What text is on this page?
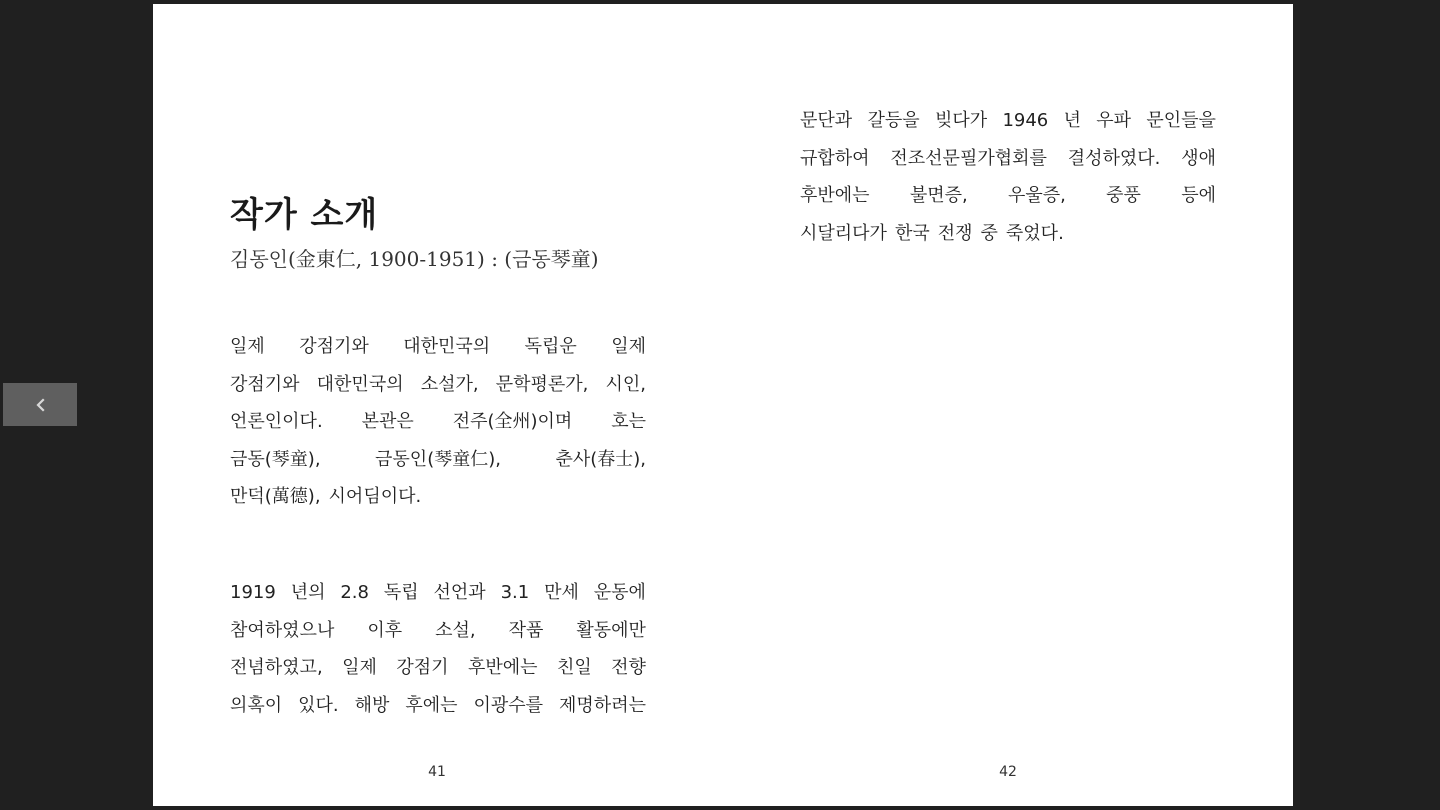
작가 소개

김동인(金東仁, 1900-1951) : (금동琴童)

일제 강점기와 대한민국의 독립운 일제
강점기와 대한민국의 소설가, 문학평론가, 시인,
언론인이다. 본관은 전주(全州)이며 호는
금동(琴童),	금동인(琴童仁),	춘사(春士),
만덕(萬德), 시어딤이다.
1919 년의 2.8 독립 선언과 3.1 만세 운동에
참여하였으나 이후 소설, 작품 활동에만
전념하였고, 일제 강점기 후반에는 친일 전향
의혹이 있다. 해방 후에는 이광수를 제명하려는
41
문단과 갈등을 빚다가 1946 년 우파 문인들을
규합하여 전조선문필가협회를 결성하였다. 생애
후반에는 불면증, 우울증, 중풍 등에
시달리다가 한국 전쟁 중 죽었다.
42
